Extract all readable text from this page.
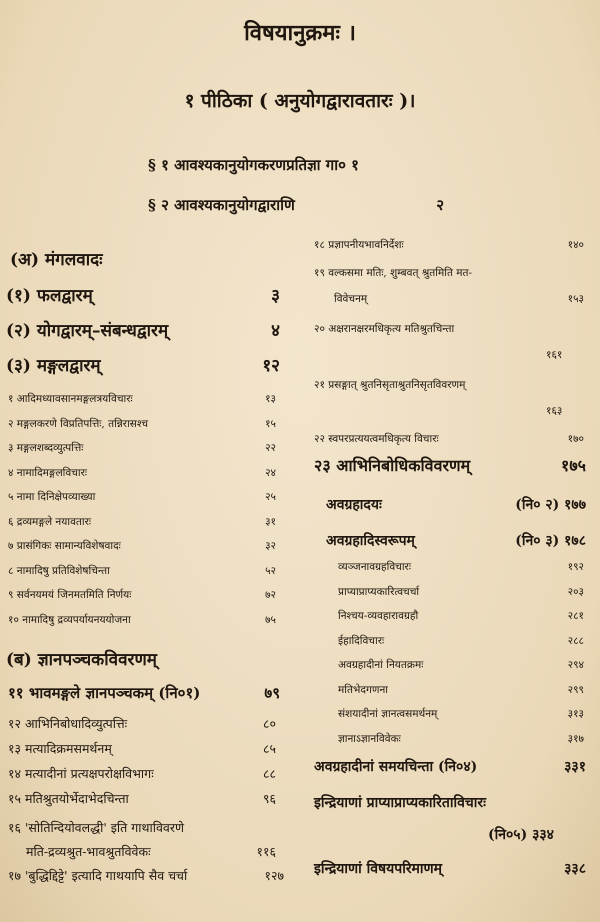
विषयानुक्रमः ।
१ पीठिका ( अनुयोगद्वारावतारः )।
§ १ आवश्यकानुयोगकरणप्रतिज्ञा गा० १
§ २ आवश्यकानुयोगद्वाराणि	२
(अ) मंगलवादः
(१) फलद्वारम्	३
(२) योगद्वारम्–संबन्धद्वारम्	४
(३) मङ्गलद्वारम्	१२
१ आदिमध्यावसानमङ्गलत्रयविचारः	१३
२ मङ्गलकरणे विप्रतिपत्तिः, तन्निरासश्च	१५
३ मङ्गलशब्दव्युत्पत्तिः	२२
४ नामादिमङ्गलविचारः	२४
५ नामा दिनिक्षेपव्याख्या	२५
६ द्रव्यमङ्गले नयावतारः	३१
७ प्रासंगिकः सामान्यविशेषवादः	३२
८ नामादिषु प्रतिविशेषचिन्ता	५२
९ सर्वनयमयं जिनमतमिति निर्णयः	७२
१० नामादिषु द्रव्यपर्यायनययोजना	७५
(ब) ज्ञानपञ्चकविवरणम्
११ भावमङ्गले ज्ञानपञ्चकम् (नि०१)	७९
१२ आभिनिबोधादिव्युत्पत्तिः	८०
१३ मत्यादिक्रमसमर्थनम्	८५
१४ मत्यादीनां प्रत्यक्षपरोक्षविभागः	८८
१५ मतिश्रुतयोर्भेदाभेदचिन्ता	९६
१६ 'सोतिन्दियोवलद्धी' इति गाथाविवरणे
मति-द्रव्यश्रुत-भावश्रुतविवेकः	११६
१७ 'बुद्धिद्दिट्टे' इत्यादि गाथयापि सैव चर्चा	१२७
१८ प्रज्ञापनीयभावनिर्देशः	१४०
१९ वल्कसमा मतिः, शुम्बवत् श्रुतमिति मत-
विवेचनम्	१५३
२० अक्षरानक्षरमधिकृत्य मतिश्रुतचिन्ता
१६१
२१ प्रसङ्गात् श्रुतनिसृताश्रुतनिसृतविवरणम्
१६३
२२ स्वपरप्रत्ययत्वमधिकृत्य विचारः	१७०
२३ आभिनिबोधिकविवरणम्	१७५
अवग्रहादयः	(नि० २) १७७
अवग्रहादिस्वरूपम्	(नि० ३) १७८
व्यञ्जनावग्रहविचारः	१९२
प्राप्याप्राप्यकारित्वचर्चा	२०३
निश्चय-व्यवहारावग्रहौ	२८१
ईहादिविचारः	२८८
अवग्रहादीनां नियतक्रमः	२९४
मतिभेदगणना	२९९
संशयादीनां ज्ञानत्वसमर्थनम्	३१३
ज्ञानाऽज्ञानविवेकः	३१७
अवग्रहादीनां समयचिन्ता (नि०४)	३३१
इन्द्रियाणां प्राप्याप्राप्यकारिताविचारः
(नि०५) ३३४
इन्द्रियाणां विषयपरिमाणम्	३३८
